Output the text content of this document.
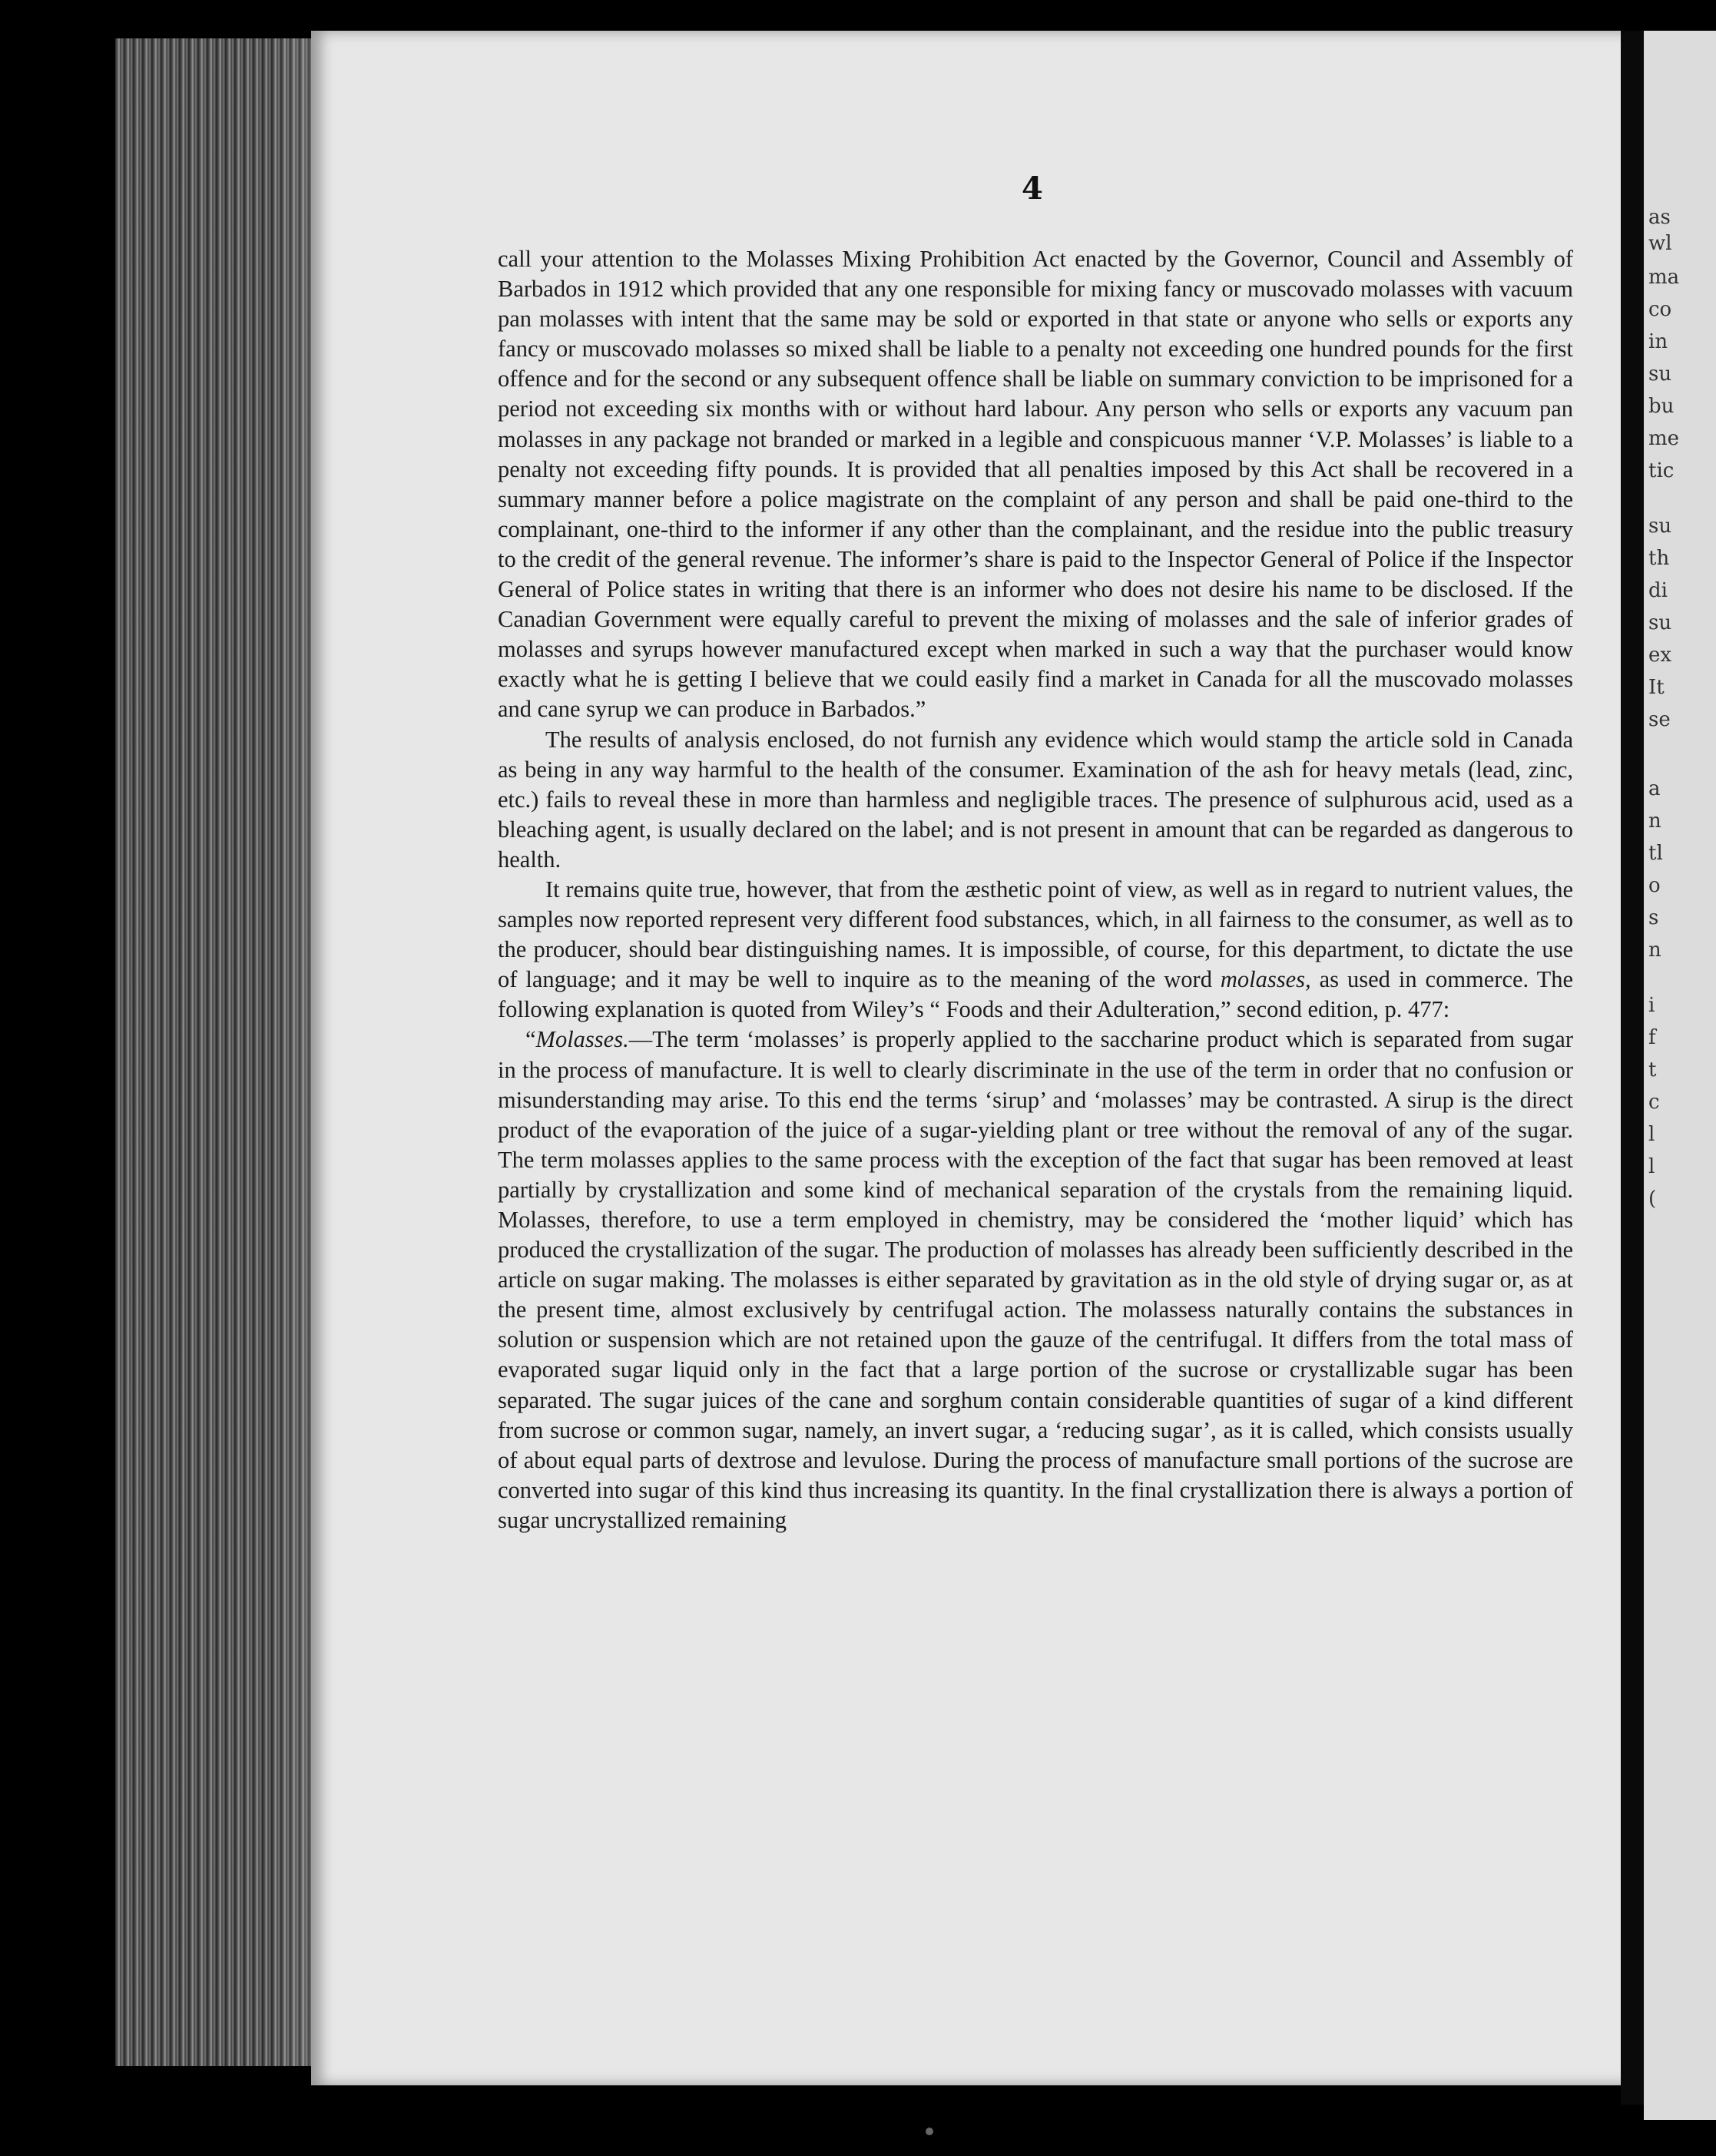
4

call your attention to the Molasses Mixing Prohibition Act enacted by the Governor, Council and Assembly of Barbados in 1912 which provided that any one responsible for mixing fancy or muscovado molasses with vacuum pan molasses with intent that the same may be sold or exported in that state or anyone who sells or exports any fancy or muscovado molasses so mixed shall be liable to a penalty not exceeding one hundred pounds for the first offence and for the second or any subsequent offence shall be liable on summary conviction to be imprisoned for a period not exceeding six months with or without hard labour. Any person who sells or exports any vacuum pan molasses in any package not branded or marked in a legible and conspicuous manner ‘V.P. Molasses’ is liable to a penalty not exceeding fifty pounds. It is provided that all penalties imposed by this Act shall be recovered in a summary manner before a police magistrate on the complaint of any person and shall be paid one-third to the complainant, one-third to the informer if any other than the complainant, and the residue into the public treasury to the credit of the general revenue. The informer’s share is paid to the Inspector General of Police if the Inspector General of Police states in writing that there is an informer who does not desire his name to be disclosed. If the Canadian Government were equally careful to prevent the mixing of molasses and the sale of inferior grades of molasses and syrups however manufactured except when marked in such a way that the purchaser would know exactly what he is getting I believe that we could easily find a market in Canada for all the muscovado molasses and cane syrup we can produce in Barbados.”

The results of analysis enclosed, do not furnish any evidence which would stamp the article sold in Canada as being in any way harmful to the health of the consumer. Examination of the ash for heavy metals (lead, zinc, etc.) fails to reveal these in more than harmless and negligible traces. The presence of sulphurous acid, used as a bleaching agent, is usually declared on the label; and is not present in amount that can be regarded as dangerous to health.

It remains quite true, however, that from the æsthetic point of view, as well as in regard to nutrient values, the samples now reported represent very different food substances, which, in all fairness to the consumer, as well as to the producer, should bear distinguishing names. It is impossible, of course, for this department, to dictate the use of language; and it may be well to inquire as to the meaning of the word molasses, as used in commerce. The following explanation is quoted from Wiley’s “ Foods and their Adulteration,” second edition, p. 477:

“Molasses.—The term ‘molasses’ is properly applied to the saccharine product which is separated from sugar in the process of manufacture. It is well to clearly discriminate in the use of the term in order that no confusion or misunderstanding may arise. To this end the terms ‘sirup’ and ‘molasses’ may be contrasted. A sirup is the direct product of the evaporation of the juice of a sugar-yielding plant or tree without the removal of any of the sugar. The term molasses applies to the same process with the exception of the fact that sugar has been removed at least partially by crystallization and some kind of mechanical separation of the crystals from the remaining liquid. Molasses, therefore, to use a term employed in chemistry, may be considered the ‘mother liquid’ which has produced the crystallization of the sugar. The production of molasses has already been sufficiently described in the article on sugar making. The molasses is either separated by gravitation as in the old style of drying sugar or, as at the present time, almost exclusively by centrifugal action. The molassess naturally contains the substances in solution or suspension which are not retained upon the gauze of the centrifugal. It differs from the total mass of evaporated sugar liquid only in the fact that a large portion of the sucrose or crystallizable sugar has been separated. The sugar juices of the cane and sorghum contain considerable quantities of sugar of a kind different from sucrose or common sugar, namely, an invert sugar, a ‘reducing sugar’, as it is called, which consists usually of about equal parts of dextrose and levulose. During the process of manufacture small portions of the sucrose are converted into sugar of this kind thus increasing its quantity. In the final crystallization there is always a portion of sugar uncrystallized remaining

as
wl
ma
co
in
su
bu
me
tic
su
th
di
su
ex
It
se
a
n
tl
o
s
n
i
f
t
c
l
l
(
